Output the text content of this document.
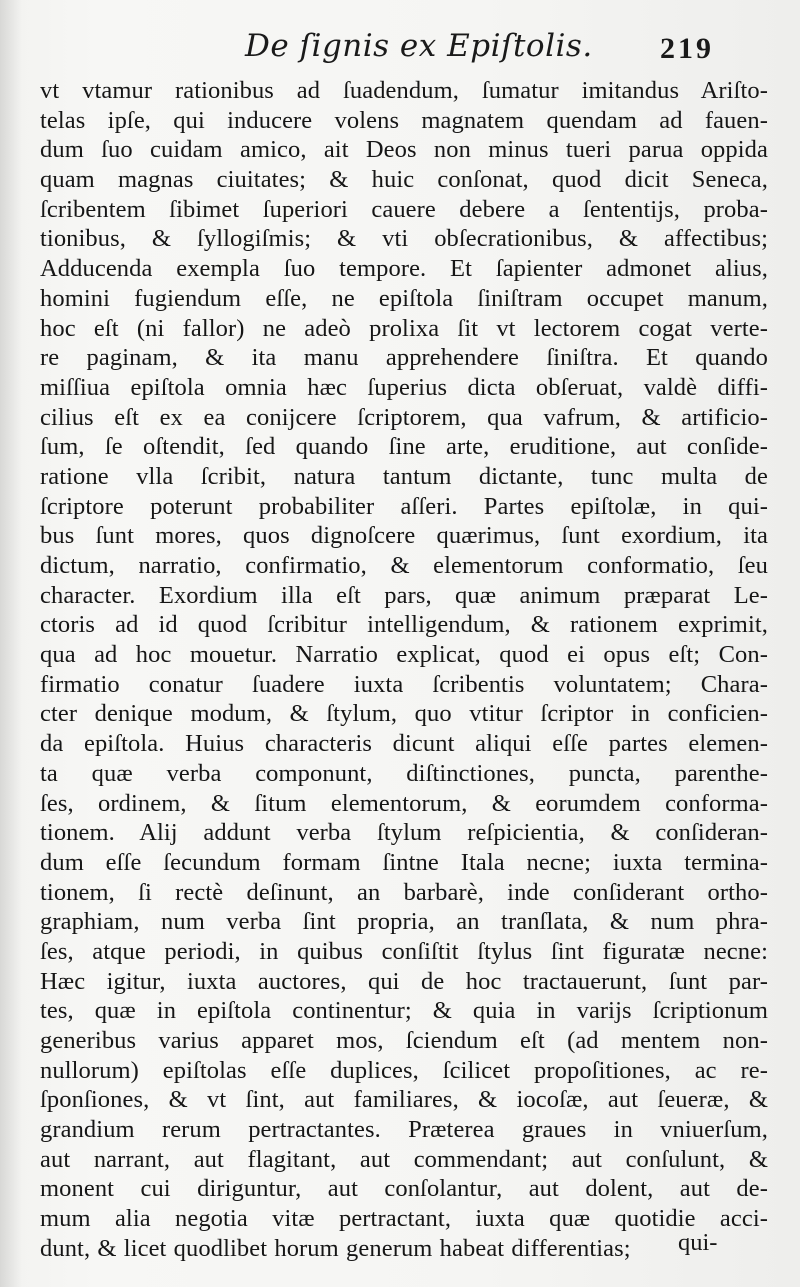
De ſignis ex Epiſtolis. 219
vt vtamur rationibus ad ſuadendum, ſumatur imitandus Ariſto-
telas ipſe, qui inducere volens magnatem quendam ad fauen-
dum ſuo cuidam amico, ait Deos non minus tueri parua oppida
quam magnas ciuitates; & huic conſonat, quod dicit Seneca,
ſcribentem ſibimet ſuperiori cauere debere a ſententijs, proba-
tionibus, & ſyllogiſmis; & vti obſecrationibus, & affectibus;
Adducenda exempla ſuo tempore. Et ſapienter admonet alius,
homini fugiendum eſſe, ne epiſtola ſiniſtram occupet manum,
hoc eſt (ni fallor) ne adeò prolixa ſit vt lectorem cogat verte-
re paginam, & ita manu apprehendere ſiniſtra. Et quando
miſſiua epiſtola omnia hæc ſuperius dicta obſeruat, valdè diffi-
cilius eſt ex ea conijcere ſcriptorem, qua vafrum, & artificio-
ſum, ſe oſtendit, ſed quando ſine arte, eruditione, aut conſide-
ratione vlla ſcribit, natura tantum dictante, tunc multa de
ſcriptore poterunt probabiliter aſſeri. Partes epiſtolæ, in qui-
bus ſunt mores, quos dignoſcere quærimus, ſunt exordium, ita
dictum, narratio, confirmatio, & elementorum conformatio, ſeu
character. Exordium illa eſt pars, quæ animum præparat Le-
ctoris ad id quod ſcribitur intelligendum, & rationem exprimit,
qua ad hoc mouetur. Narratio explicat, quod ei opus eſt; Con-
firmatio conatur ſuadere iuxta ſcribentis voluntatem; Chara-
cter denique modum, & ſtylum, quo vtitur ſcriptor in conficien-
da epiſtola. Huius characteris dicunt aliqui eſſe partes elemen-
ta quæ verba componunt, diſtinctiones, puncta, parenthe-
ſes, ordinem, & ſitum elementorum, & eorumdem conforma-
tionem. Alij addunt verba ſtylum reſpicientia, & conſideran-
dum eſſe ſecundum formam ſintne Itala necne; iuxta termina-
tionem, ſi rectè deſinunt, an barbarè, inde conſiderant ortho-
graphiam, num verba ſint propria, an tranſlata, & num phra-
ſes, atque periodi, in quibus conſiſtit ſtylus ſint figuratæ necne:
Hæc igitur, iuxta auctores, qui de hoc tractauerunt, ſunt par-
tes, quæ in epiſtola continentur; & quia in varijs ſcriptionum
generibus varius apparet mos, ſciendum eſt (ad mentem non-
nullorum) epiſtolas eſſe duplices, ſcilicet propoſitiones, ac re-
ſponſiones, & vt ſint, aut familiares, & iocoſæ, aut ſeueræ, &
grandium rerum pertractantes. Præterea graues in vniuerſum,
aut narrant, aut flagitant, aut commendant; aut conſulunt, &
monent cui diriguntur, aut conſolantur, aut dolent, aut de-
mum alia negotia vitæ pertractant, iuxta quæ quotidie acci-
dunt, & licet quodlibet horum generum habeat differentias;	qui-
